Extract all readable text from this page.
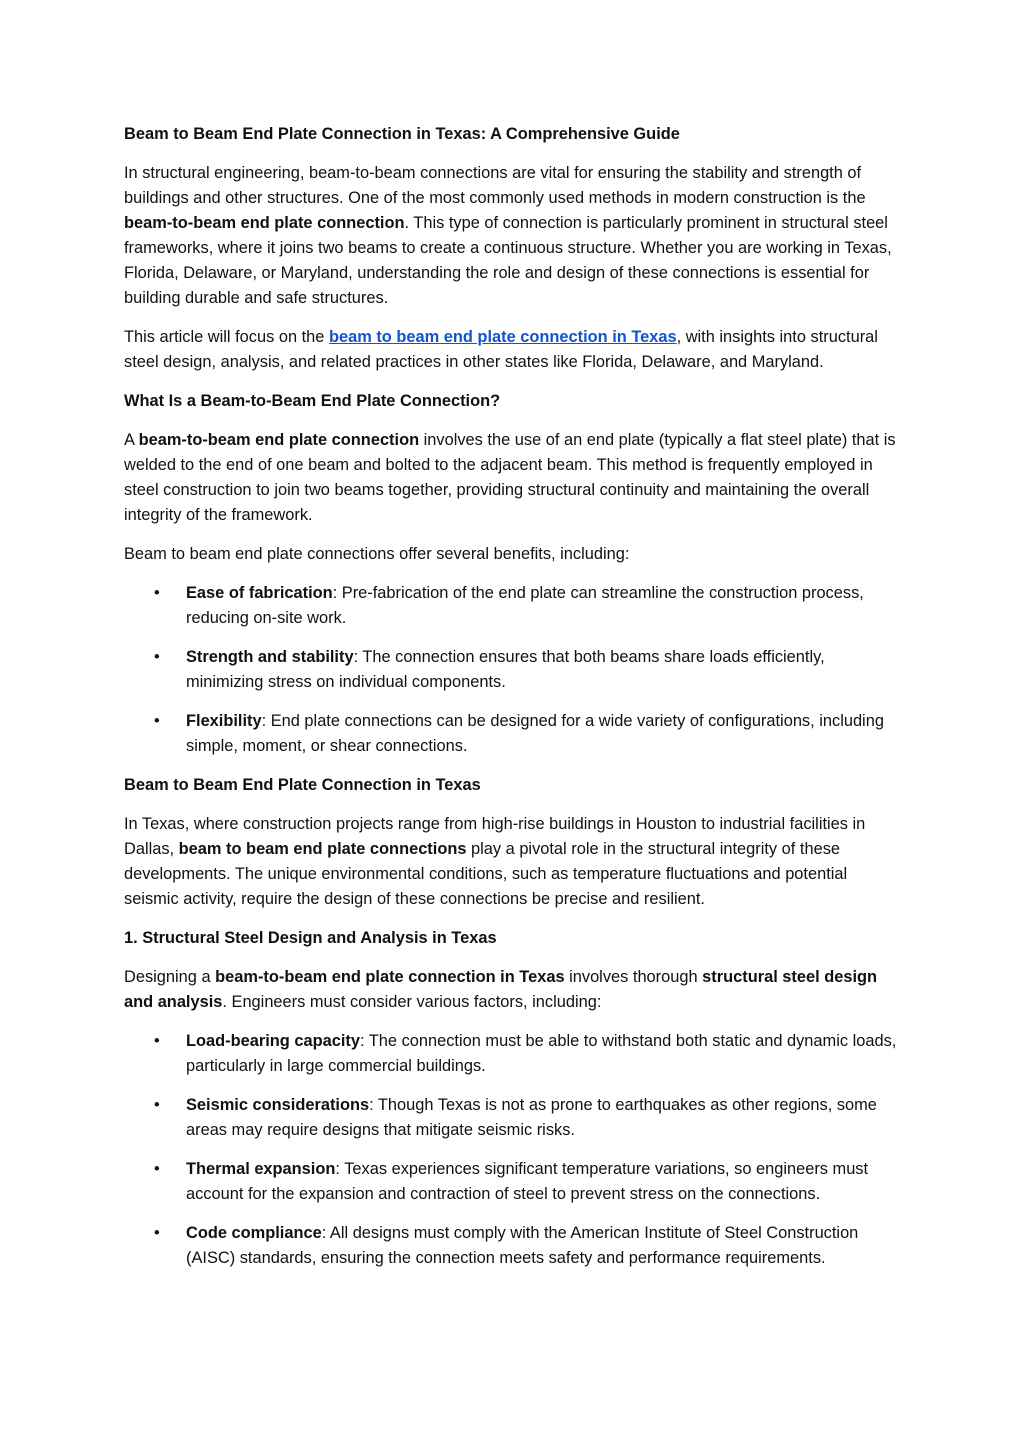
Beam to Beam End Plate Connection in Texas: A Comprehensive Guide

In structural engineering, beam-to-beam connections are vital for ensuring the stability and strength of buildings and other structures. One of the most commonly used methods in modern construction is the beam-to-beam end plate connection. This type of connection is particularly prominent in structural steel frameworks, where it joins two beams to create a continuous structure. Whether you are working in Texas, Florida, Delaware, or Maryland, understanding the role and design of these connections is essential for building durable and safe structures.

This article will focus on the beam to beam end plate connection in Texas, with insights into structural steel design, analysis, and related practices in other states like Florida, Delaware, and Maryland.

What Is a Beam-to-Beam End Plate Connection?

A beam-to-beam end plate connection involves the use of an end plate (typically a flat steel plate) that is welded to the end of one beam and bolted to the adjacent beam. This method is frequently employed in steel construction to join two beams together, providing structural continuity and maintaining the overall integrity of the framework.

Beam to beam end plate connections offer several benefits, including:

• Ease of fabrication: Pre-fabrication of the end plate can streamline the construction process, reducing on-site work.
• Strength and stability: The connection ensures that both beams share loads efficiently, minimizing stress on individual components.
• Flexibility: End plate connections can be designed for a wide variety of configurations, including simple, moment, or shear connections.
Beam to Beam End Plate Connection in Texas

In Texas, where construction projects range from high-rise buildings in Houston to industrial facilities in Dallas, beam to beam end plate connections play a pivotal role in the structural integrity of these developments. The unique environmental conditions, such as temperature fluctuations and potential seismic activity, require the design of these connections be precise and resilient.

1. Structural Steel Design and Analysis in Texas

Designing a beam-to-beam end plate connection in Texas involves thorough structural steel design and analysis. Engineers must consider various factors, including:

• Load-bearing capacity: The connection must be able to withstand both static and dynamic loads, particularly in large commercial buildings.
• Seismic considerations: Though Texas is not as prone to earthquakes as other regions, some areas may require designs that mitigate seismic risks.
• Thermal expansion: Texas experiences significant temperature variations, so engineers must account for the expansion and contraction of steel to prevent stress on the connections.
• Code compliance: All designs must comply with the American Institute of Steel Construction (AISC) standards, ensuring the connection meets safety and performance requirements.
